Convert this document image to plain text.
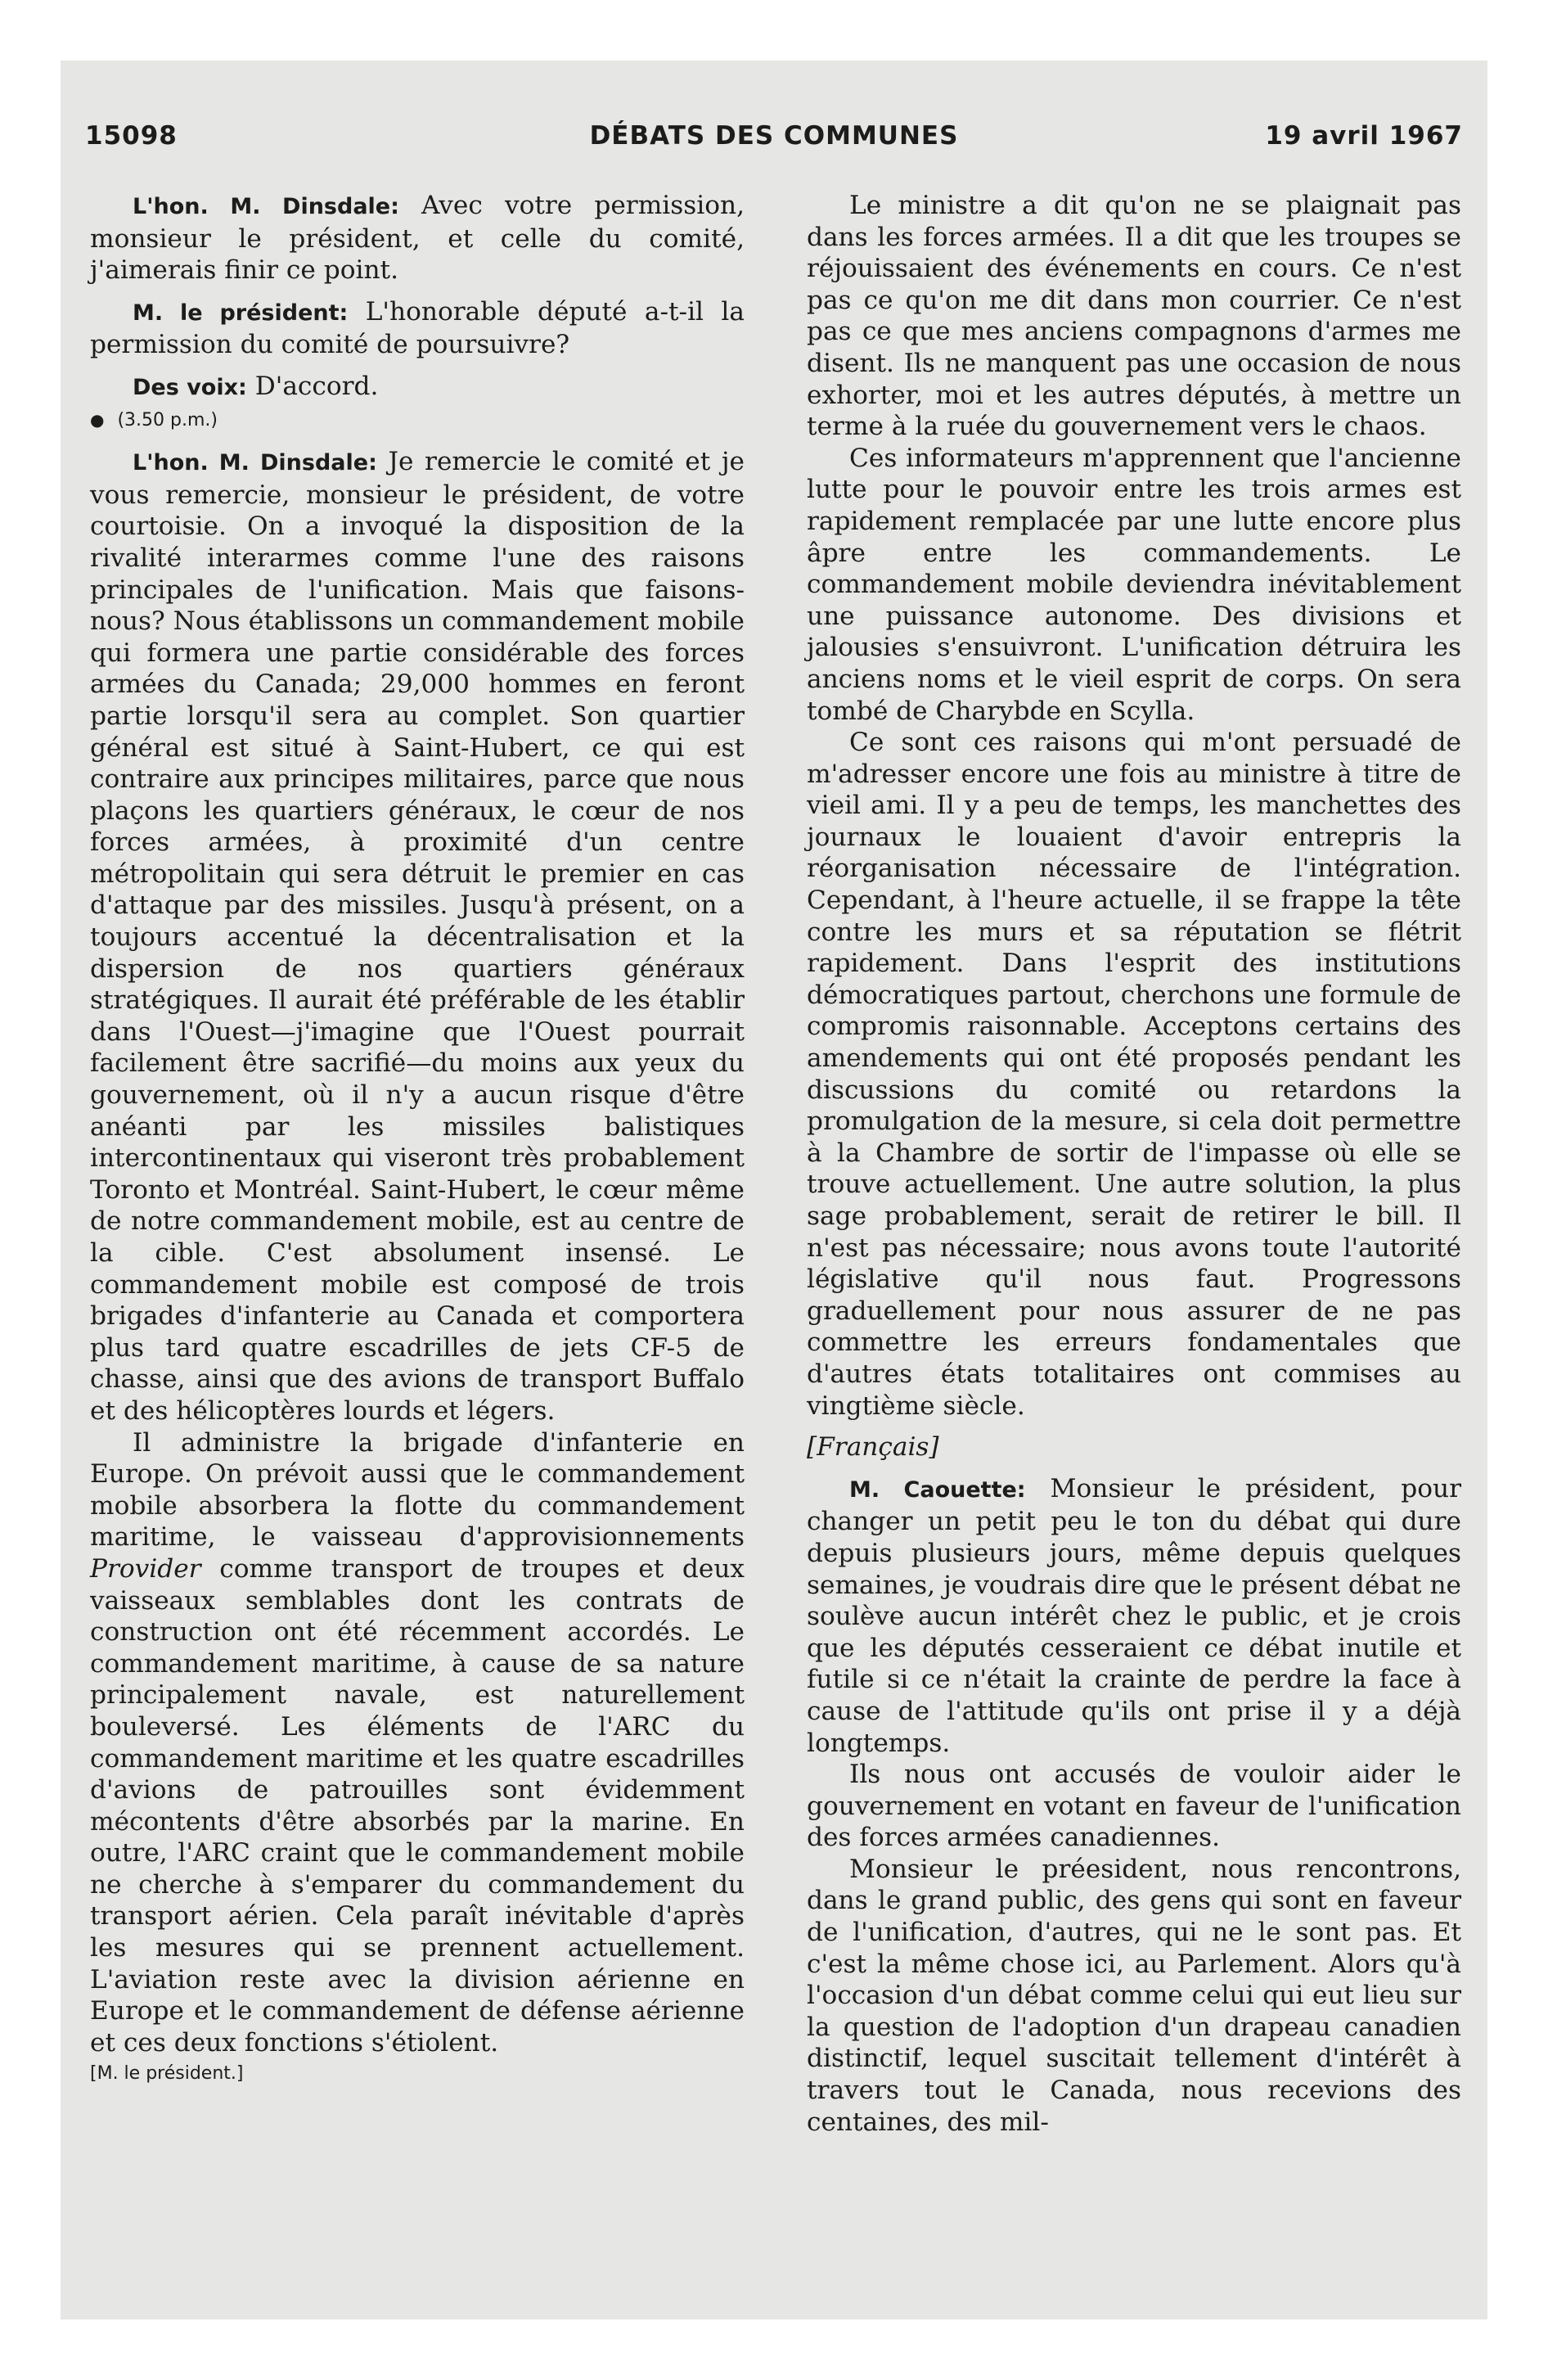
15098	DÉBATS DES COMMUNES	19 avril 1967

L'hon. M. Dinsdale: Avec votre permission, monsieur le président, et celle du comité, j'aimerais finir ce point.

M. le président: L'honorable député a-t-il la permission du comité de poursuivre?

Des voix: D'accord.

● (3.50 p.m.)

L'hon. M. Dinsdale: Je remercie le comité et je vous remercie, monsieur le président, de votre courtoisie. On a invoqué la disposition de la rivalité interarmes comme l'une des raisons principales de l'unification. Mais que faisons-nous? Nous établissons un commandement mobile qui formera une partie considérable des forces armées du Canada; 29,000 hommes en feront partie lorsqu'il sera au complet. Son quartier général est situé à Saint-Hubert, ce qui est contraire aux principes militaires, parce que nous plaçons les quartiers généraux, le cœur de nos forces armées, à proximité d'un centre métropolitain qui sera détruit le premier en cas d'attaque par des missiles. Jusqu'à présent, on a toujours accentué la décentralisation et la dispersion de nos quartiers généraux stratégiques. Il aurait été préférable de les établir dans l'Ouest—j'imagine que l'Ouest pourrait facilement être sacrifié—du moins aux yeux du gouvernement, où il n'y a aucun risque d'être anéanti par les missiles balistiques intercontinentaux qui viseront très probablement Toronto et Montréal. Saint-Hubert, le cœur même de notre commandement mobile, est au centre de la cible. C'est absolument insensé. Le commandement mobile est composé de trois brigades d'infanterie au Canada et comportera plus tard quatre escadrilles de jets CF-5 de chasse, ainsi que des avions de transport Buffalo et des hélicoptères lourds et légers.

Il administre la brigade d'infanterie en Europe. On prévoit aussi que le commandement mobile absorbera la flotte du commandement maritime, le vaisseau d'approvisionnements Provider comme transport de troupes et deux vaisseaux semblables dont les contrats de construction ont été récemment accordés. Le commandement maritime, à cause de sa nature principalement navale, est naturellement bouleversé. Les éléments de l'ARC du commandement maritime et les quatre escadrilles d'avions de patrouilles sont évidemment mécontents d'être absorbés par la marine. En outre, l'ARC craint que le commandement mobile ne cherche à s'emparer du commandement du transport aérien. Cela paraît inévitable d'après les mesures qui se prennent actuellement. L'aviation reste avec la division aérienne en Europe et le commandement de défense aérienne et ces deux fonctions s'étiolent.

[M. le président.]

Le ministre a dit qu'on ne se plaignait pas dans les forces armées. Il a dit que les troupes se réjouissaient des événements en cours. Ce n'est pas ce qu'on me dit dans mon courrier. Ce n'est pas ce que mes anciens compagnons d'armes me disent. Ils ne manquent pas une occasion de nous exhorter, moi et les autres députés, à mettre un terme à la ruée du gouvernement vers le chaos.

Ces informateurs m'apprennent que l'ancienne lutte pour le pouvoir entre les trois armes est rapidement remplacée par une lutte encore plus âpre entre les commandements. Le commandement mobile deviendra inévitablement une puissance autonome. Des divisions et jalousies s'ensuivront. L'unification détruira les anciens noms et le vieil esprit de corps. On sera tombé de Charybde en Scylla.

Ce sont ces raisons qui m'ont persuadé de m'adresser encore une fois au ministre à titre de vieil ami. Il y a peu de temps, les manchettes des journaux le louaient d'avoir entrepris la réorganisation nécessaire de l'intégration. Cependant, à l'heure actuelle, il se frappe la tête contre les murs et sa réputation se flétrit rapidement. Dans l'esprit des institutions démocratiques partout, cherchons une formule de compromis raisonnable. Acceptons certains des amendements qui ont été proposés pendant les discussions du comité ou retardons la promulgation de la mesure, si cela doit permettre à la Chambre de sortir de l'impasse où elle se trouve actuellement. Une autre solution, la plus sage probablement, serait de retirer le bill. Il n'est pas nécessaire; nous avons toute l'autorité législative qu'il nous faut. Progressons graduellement pour nous assurer de ne pas commettre les erreurs fondamentales que d'autres états totalitaires ont commises au vingtième siècle.

[Français]

M. Caouette: Monsieur le président, pour changer un petit peu le ton du débat qui dure depuis plusieurs jours, même depuis quelques semaines, je voudrais dire que le présent débat ne soulève aucun intérêt chez le public, et je crois que les députés cesseraient ce débat inutile et futile si ce n'était la crainte de perdre la face à cause de l'attitude qu'ils ont prise il y a déjà longtemps.

Ils nous ont accusés de vouloir aider le gouvernement en votant en faveur de l'unification des forces armées canadiennes.

Monsieur le préesident, nous rencontrons, dans le grand public, des gens qui sont en faveur de l'unification, d'autres, qui ne le sont pas. Et c'est la même chose ici, au Parlement. Alors qu'à l'occasion d'un débat comme celui qui eut lieu sur la question de l'adoption d'un drapeau canadien distinctif, lequel suscitait tellement d'intérêt à travers tout le Canada, nous recevions des centaines, des mil-
